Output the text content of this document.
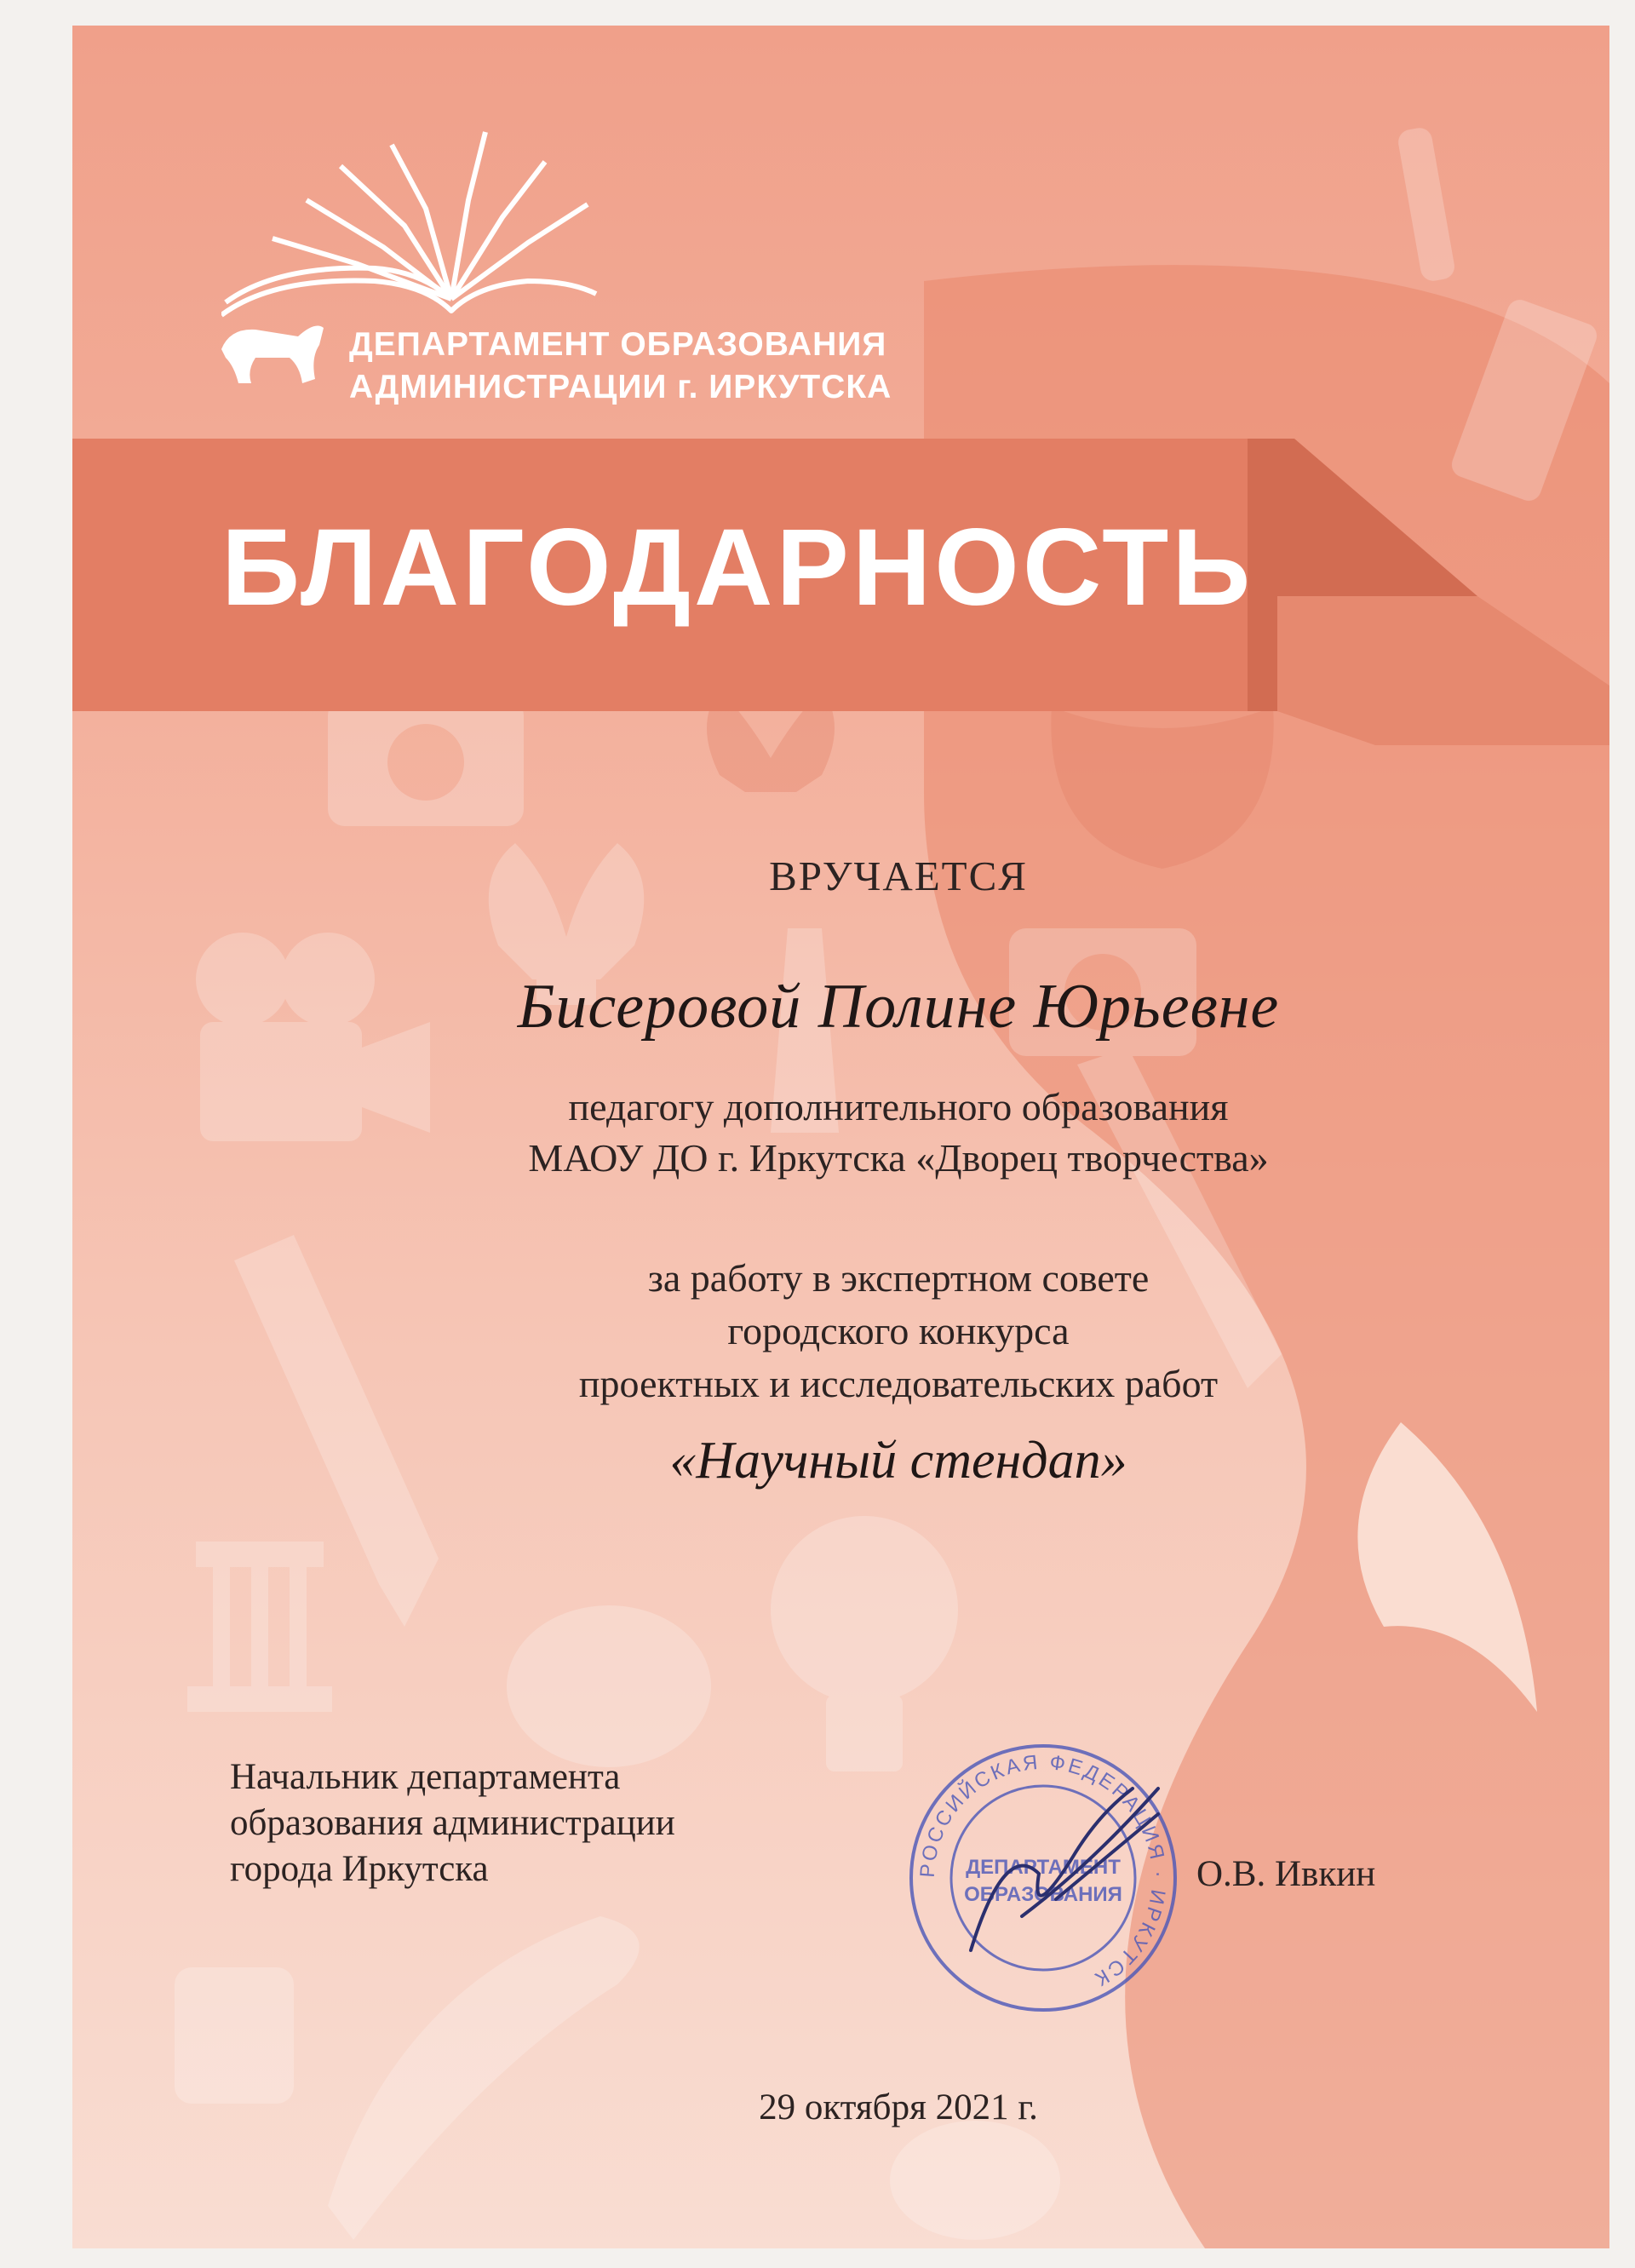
ДЕПАРТАМЕНТ ОБРАЗОВАНИЯ
АДМИНИСТРАЦИИ г. ИРКУТСКА
БЛАГОДАРНОСТЬ
ВРУЧАЕТСЯ
Бисеровой Полине Юрьевне
педагогу дополнительного образования
МАОУ ДО г. Иркутска «Дворец творчества»
за работу в экспертном совете
городского конкурса
проектных и исследовательских работ
«Научный стендап»
Начальник департамента
образования администрации
города Иркутска	РОССИЙСКАЯ ФЕДЕРАЦИЯ · ИРКУТСК
ДЕПАРТАМЕНТ
ОБРАЗОВАНИЯ
О.В. Ивкин
29 октября 2021 г.
